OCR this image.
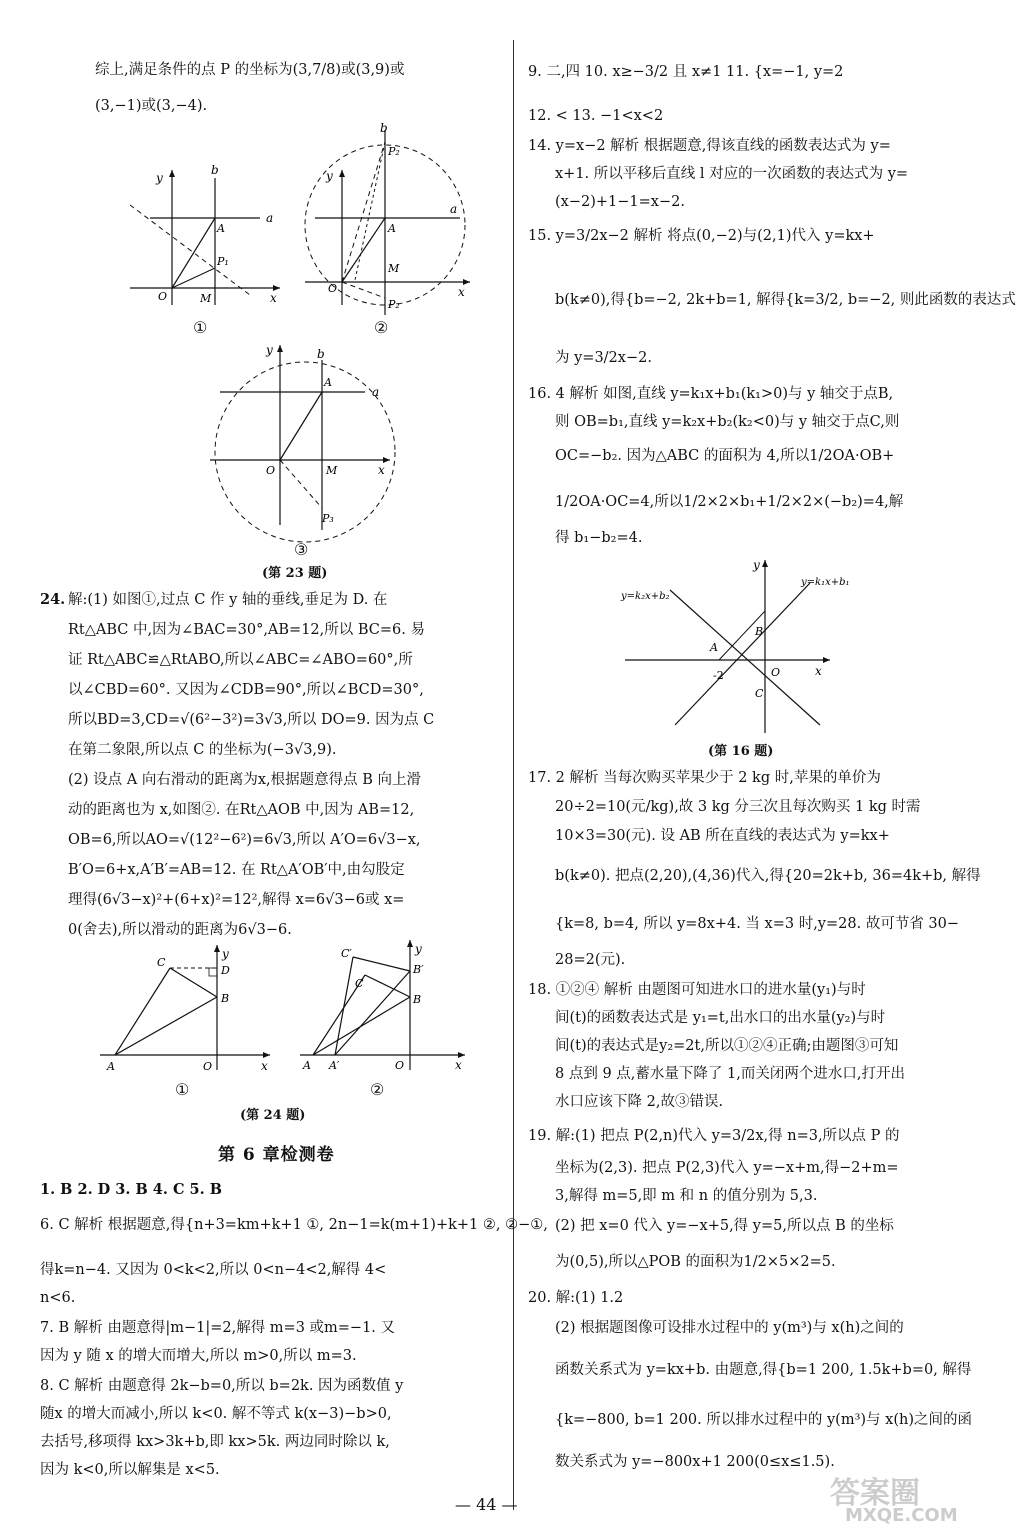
综上,满足条件的点 P 的坐标为(3,7/8)或(3,9)或
(3,−1)或(3,−4).
y
b
a
A
P₁
O	M	x
①
y
b
P₂
a
A
M
O
P₂
x
②
y	b
a
A
O	M	x
P₃
③
(第 23 题)
24. 解:(1) 如图①,过点 C 作 y 轴的垂线,垂足为 D. 在
Rt△ABC 中,因为∠BAC=30°,AB=12,所以 BC=6. 易
证 Rt△ABC≌△RtABO,所以∠ABC=∠ABO=60°,所
以∠CBD=60°. 又因为∠CDB=90°,所以∠BCD=30°,
所以BD=3,CD=√(6²−3²)=3√3,所以 DO=9. 因为点 C
在第二象限,所以点 C 的坐标为(−3√3,9).
(2) 设点 A 向右滑动的距离为x,根据题意得点 B 向上滑
动的距离也为 x,如图②. 在Rt△AOB 中,因为 AB=12,
OB=6,所以AO=√(12²−6²)=6√3,所以 A′O=6√3−x,
B′O=6+x,A′B′=AB=12. 在 Rt△A′OB′中,由勾股定
理得(6√3−x)²+(6+x)²=12²,解得 x=6√3−6或 x=
0(舍去),所以滑动的距离为6√3−6.
y
C
D
B
A	O	x
①
y
C′
C
B′
B
A A′	O	x
②
(第 24 题)
第 6 章检测卷
1. B 2. D 3. B 4. C 5. B
6. C 解析 根据题意,得{n+3=km+k+1 ①, 2n−1=k(m+1)+k+1 ②, ②−①,
得k=n−4. 又因为 0<k<2,所以 0<n−4<2,解得 4<
n<6.
7. B 解析 由题意得|m−1|=2,解得 m=3 或m=−1. 又
因为 y 随 x 的增大而增大,所以 m>0,所以 m=3.
8. C 解析 由题意得 2k−b=0,所以 b=2k. 因为函数值 y
随x 的增大而减小,所以 k<0. 解不等式 k(x−3)−b>0,
去括号,移项得 kx>3k+b,即 kx>5k. 两边同时除以 k,
因为 k<0,所以解集是 x<5.
9. 二,四 10. x≥−3/2 且 x≠1 11. {x=−1, y=2
12. < 13. −1<x<2
14. y=x−2 解析 根据题意,得该直线的函数表达式为 y=
x+1. 所以平移后直线 l 对应的一次函数的表达式为 y=
(x−2)+1−1=x−2.
15. y=3/2x−2 解析 将点(0,−2)与(2,1)代入 y=kx+
b(k≠0),得{b=−2, 2k+b=1, 解得{k=3/2, b=−2, 则此函数的表达式
为 y=3/2x−2.
16. 4 解析 如图,直线 y=k₁x+b₁(k₁>0)与 y 轴交于点B,
则 OB=b₁,直线 y=k₂x+b₂(k₂<0)与 y 轴交于点C,则
OC=−b₂. 因为△ABC 的面积为 4,所以1/2OA·OB+
1/2OA·OC=4,所以1/2×2×b₁+1/2×2×(−b₂)=4,解
得 b₁−b₂=4.
y
y=k₁x+b₁
y=k₂x+b₂
B
A
-2	O
C
x
(第 16 题)
17. 2 解析 当每次购买苹果少于 2 kg 时,苹果的单价为
20÷2=10(元/kg),故 3 kg 分三次且每次购买 1 kg 时需
10×3=30(元). 设 AB 所在直线的表达式为 y=kx+
b(k≠0). 把点(2,20),(4,36)代入,得{20=2k+b, 36=4k+b, 解得
{k=8, b=4, 所以 y=8x+4. 当 x=3 时,y=28. 故可节省 30−
28=2(元).
18. ①②④ 解析 由题图可知进水口的进水量(y₁)与时
间(t)的函数表达式是 y₁=t,出水口的出水量(y₂)与时
间(t)的表达式是y₂=2t,所以①②④正确;由题图③可知
8 点到 9 点,蓄水量下降了 1,而关闭两个进水口,打开出
水口应该下降 2,故③错误.
19. 解:(1) 把点 P(2,n)代入 y=3/2x,得 n=3,所以点 P 的
坐标为(2,3). 把点 P(2,3)代入 y=−x+m,得−2+m=
3,解得 m=5,即 m 和 n 的值分别为 5,3.
(2) 把 x=0 代入 y=−x+5,得 y=5,所以点 B 的坐标
为(0,5),所以△POB 的面积为1/2×5×2=5.
20. 解:(1) 1.2
(2) 根据题图像可设排水过程中的 y(m³)与 x(h)之间的
函数关系式为 y=kx+b. 由题意,得{b=1 200, 1.5k+b=0, 解得
{k=−800, b=1 200. 所以排水过程中的 y(m³)与 x(h)之间的函
数关系式为 y=−800x+1 200(0≤x≤1.5).
— 44 —	答案圈
MXQE.COM
